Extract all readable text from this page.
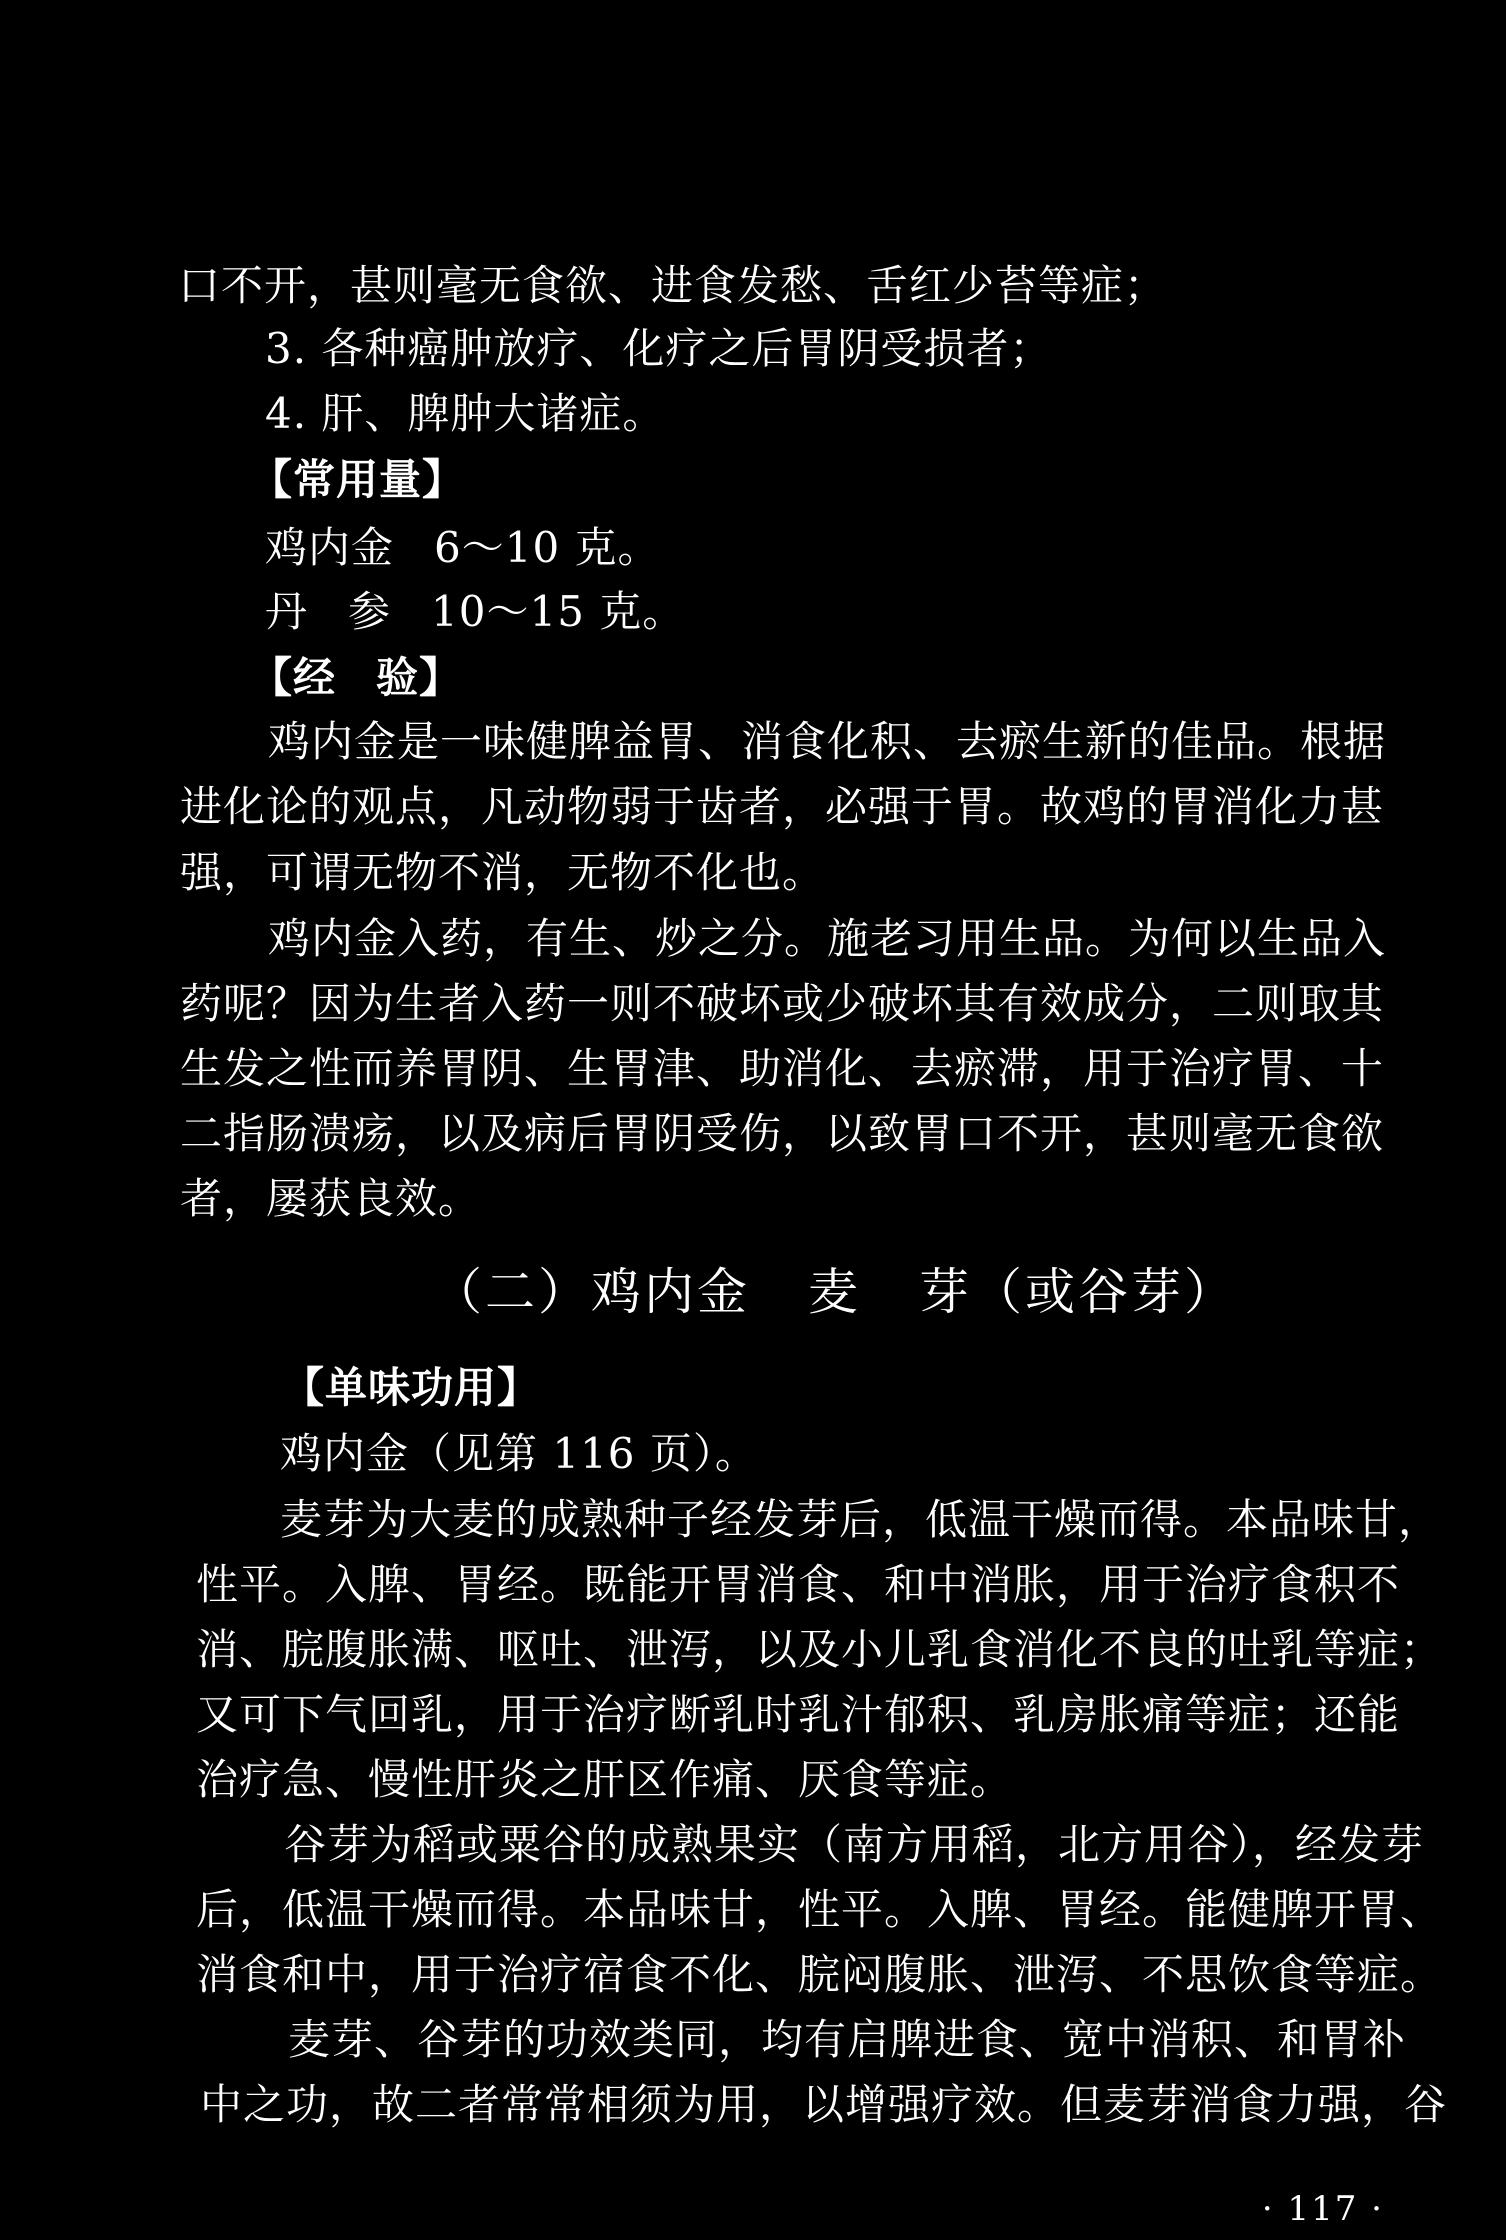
口不开，甚则毫无食欲、进食发愁、舌红少苔等症；
3. 各种癌肿放疗、化疗之后胃阴受损者；
4. 肝、脾肿大诸症。
【常用量】
鸡内金 6～10 克。
丹 参 10～15 克。
【经 验】
鸡内金是一味健脾益胃、消食化积、去瘀生新的佳品。根据
进化论的观点，凡动物弱于齿者，必强于胃。故鸡的胃消化力甚
强，可谓无物不消，无物不化也。
鸡内金入药，有生、炒之分。施老习用生品。为何以生品入
药呢？因为生者入药一则不破坏或少破坏其有效成分，二则取其
生发之性而养胃阴、生胃津、助消化、去瘀滞，用于治疗胃、十
二指肠溃疡，以及病后胃阴受伤，以致胃口不开，甚则毫无食欲
者，屡获良效。
（二）鸡内金 麦 芽（或谷芽）
【单味功用】
鸡内金（见第 116 页）。
麦芽为大麦的成熟种子经发芽后，低温干燥而得。本品味甘，
性平。入脾、胃经。既能开胃消食、和中消胀，用于治疗食积不
消、脘腹胀满、呕吐、泄泻，以及小儿乳食消化不良的吐乳等症；
又可下气回乳，用于治疗断乳时乳汁郁积、乳房胀痛等症；还能
治疗急、慢性肝炎之肝区作痛、厌食等症。
谷芽为稻或粟谷的成熟果实（南方用稻，北方用谷），经发芽
后，低温干燥而得。本品味甘，性平。入脾、胃经。能健脾开胃、
消食和中，用于治疗宿食不化、脘闷腹胀、泄泻、不思饮食等症。
麦芽、谷芽的功效类同，均有启脾进食、宽中消积、和胃补
中之功，故二者常常相须为用，以增强疗效。但麦芽消食力强，谷
· 117 ·
